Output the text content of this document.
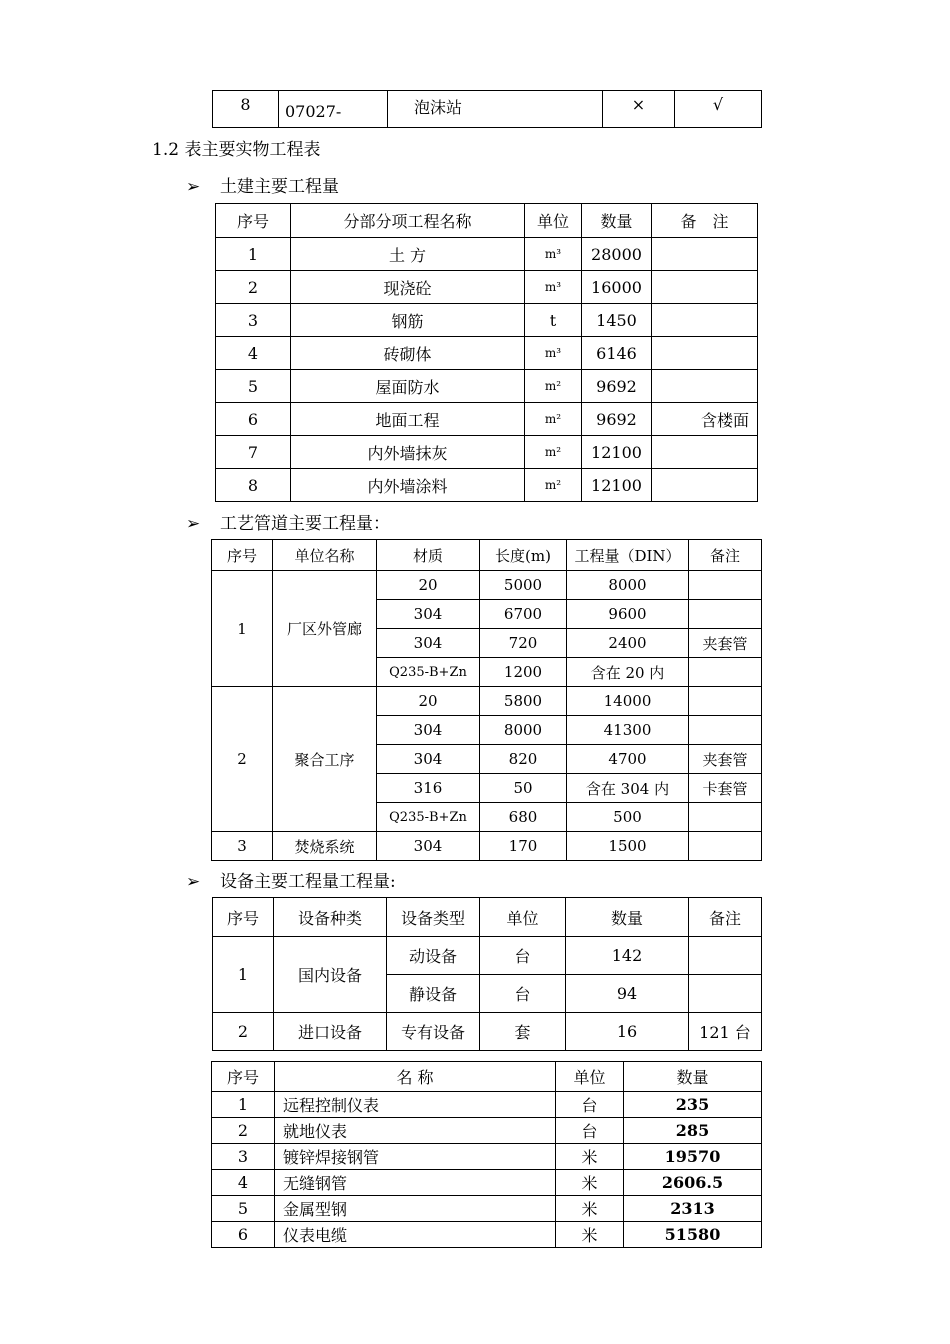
8	07027-	泡沫站	×	√
1.2 表主要实物工程表
➢ 土建主要工程量
序号	分部分项工程名称	单位	数量	备　注
1	土 方	m³	28000	
2	现浇砼	m³	16000	
3	钢筋	t	1450	
4	砖砌体	m³	6146	
5	屋面防水	m²	9692	
6	地面工程	m²	9692	含楼面
7	内外墙抹灰	m²	12100	
8	内外墙涂料	m²	12100	
➢ 工艺管道主要工程量：
序号	单位名称	材质	长度(m)	工程量（DIN）	备注
1	厂区外管廊	20	5000	8000	
		304	6700	9600	
		304	720	2400	夹套管
		Q235-B+Zn	1200	含在 20 内	
2	聚合工序	20	5800	14000	
		304	8000	41300	
		304	820	4700	夹套管
		316	50	含在 304 内	卡套管
		Q235-B+Zn	680	500	
3	焚烧系统	304	170	1500	
➢ 设备主要工程量工程量:
序号	设备种类	设备类型	单位	数量	备注
1	国内设备	动设备	台	142	
		静设备	台	94	
2	进口设备	专有设备	套	16	121 台
序号	名 称	单位	数量
1	远程控制仪表	台	235
2	就地仪表	台	285
3	镀锌焊接钢管	米	19570
4	无缝钢管	米	2606.5
5	金属型钢	米	2313
6	仪表电缆	米	51580
